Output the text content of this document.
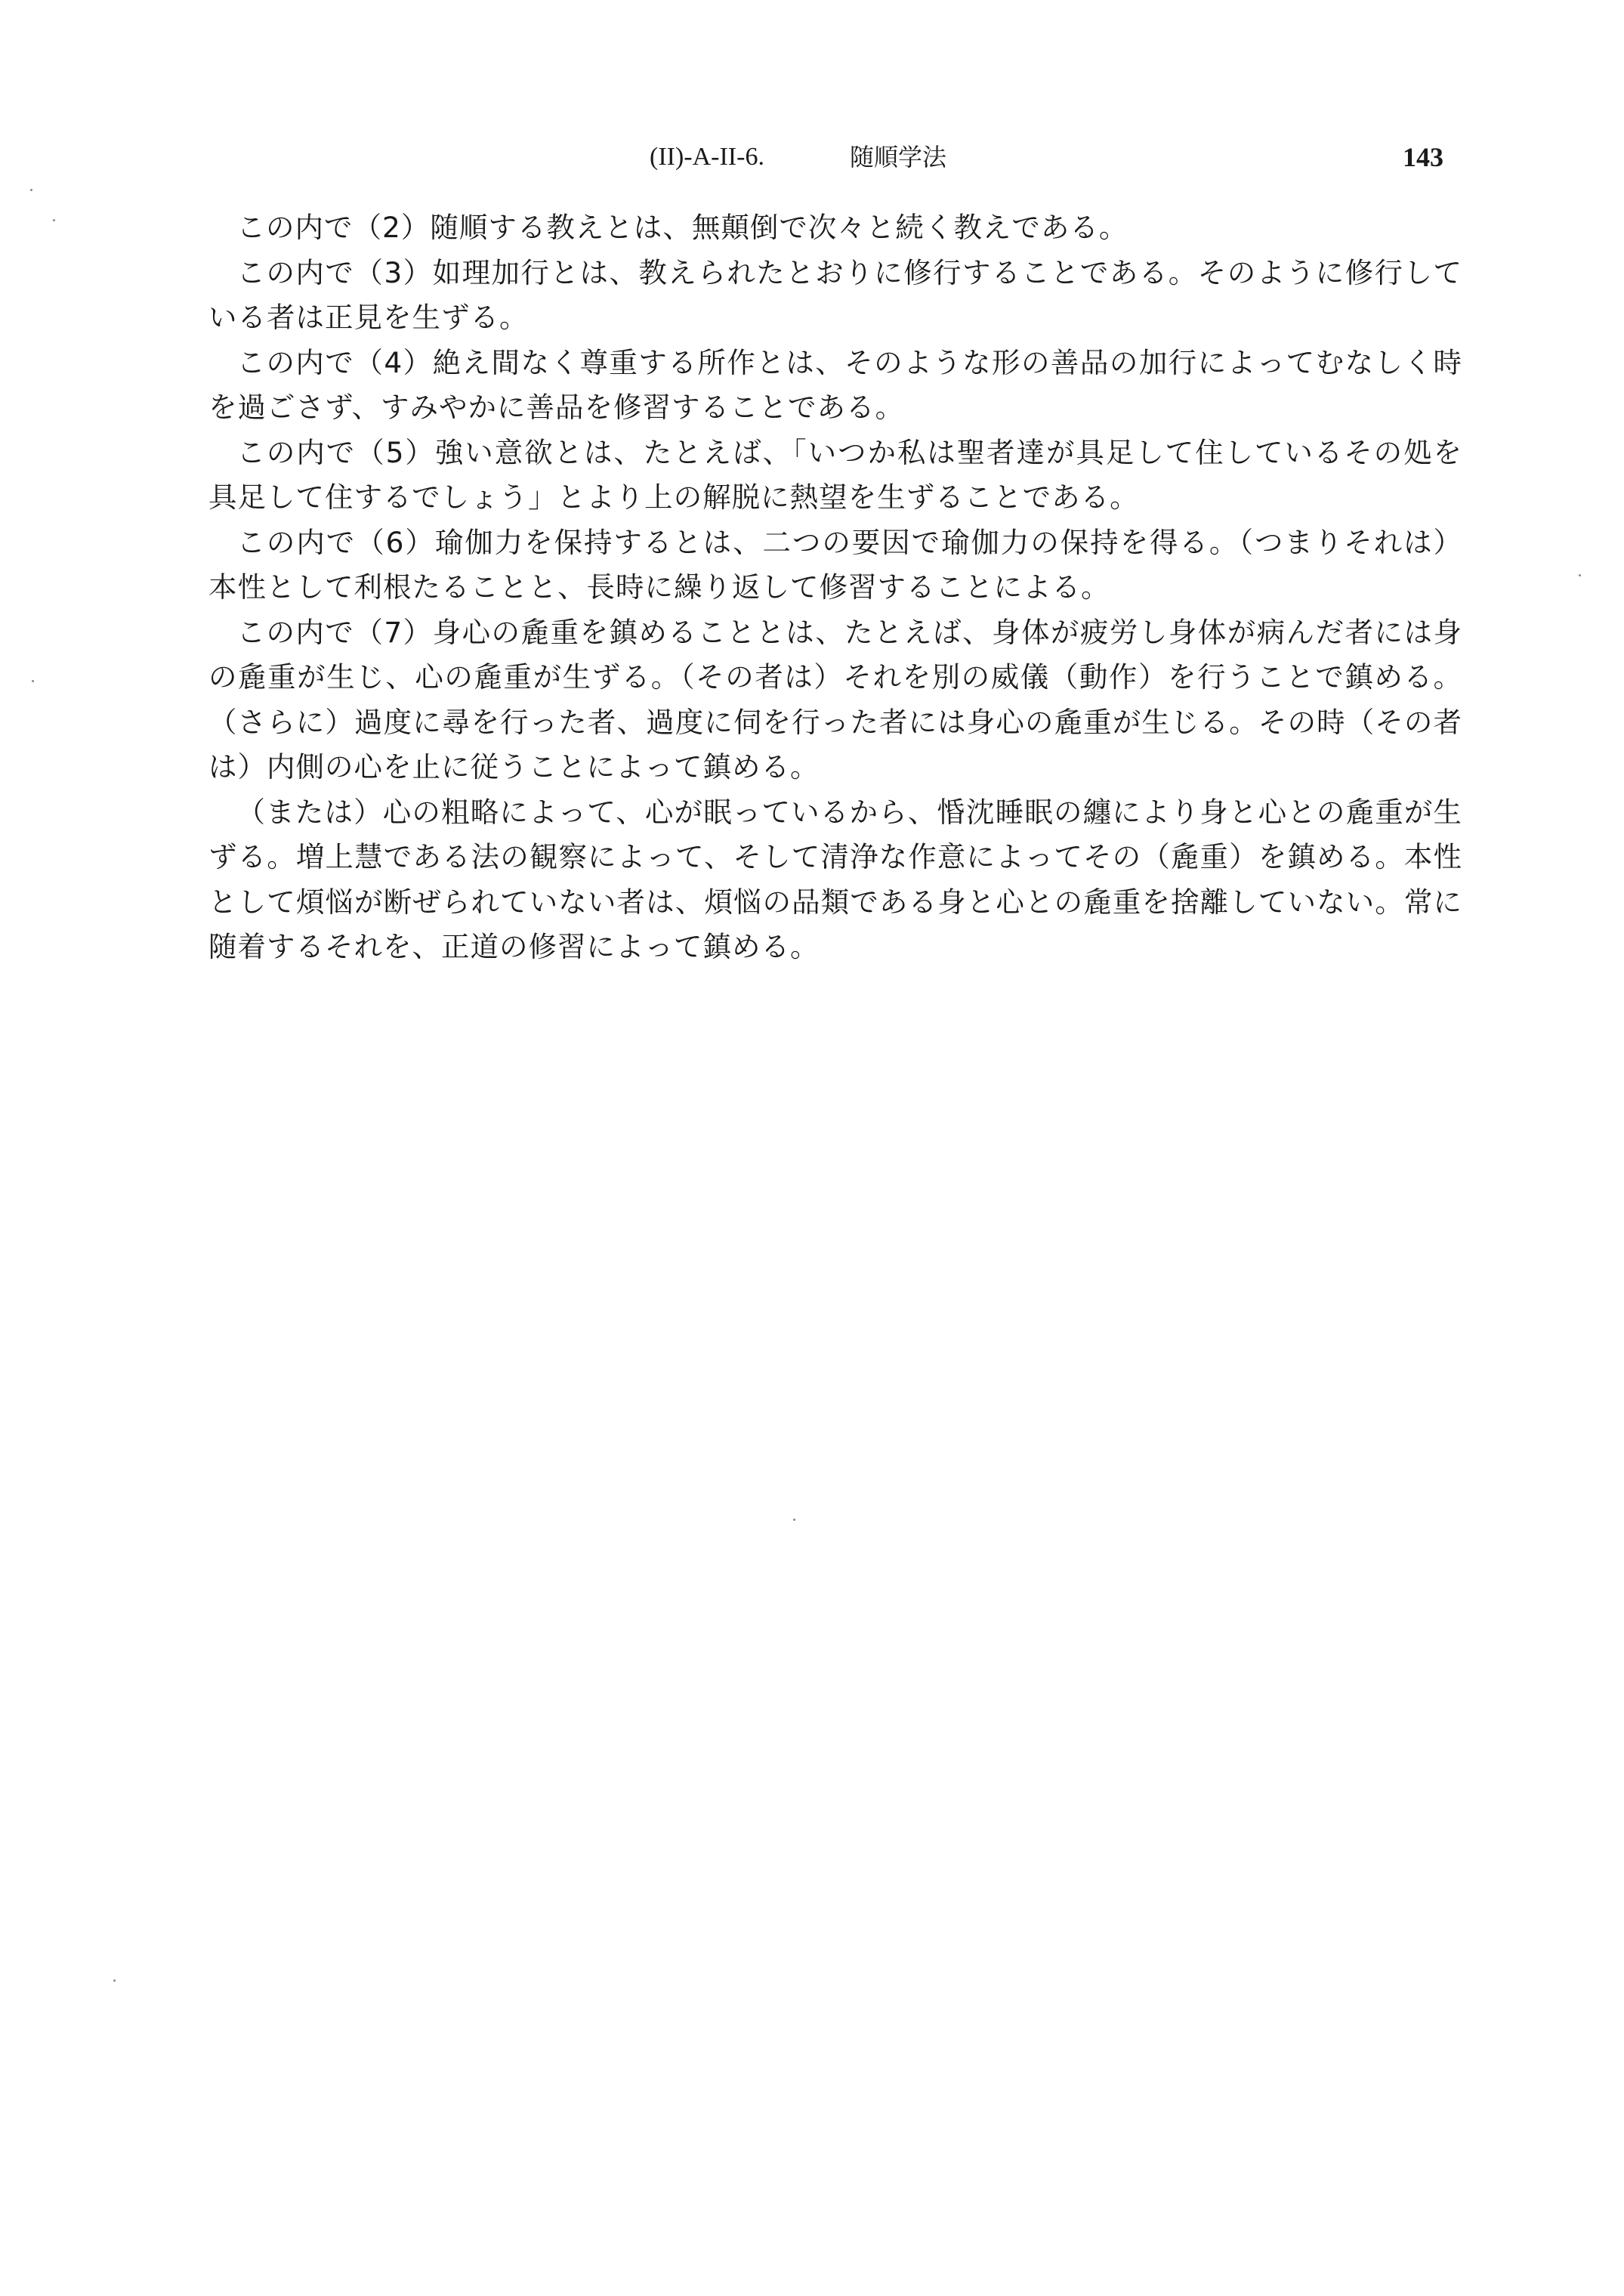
(II)-A-II-6.	随順学法	143

この内で（2）随順する教えとは、無顛倒で次々と続く教えである。

この内で（3）如理加行とは、教えられたとおりに修行することである。そのように修行している者は正見を生ずる。

この内で（4）絶え間なく尊重する所作とは、そのような形の善品の加行によってむなしく時を過ごさず、すみやかに善品を修習することである。

この内で（5）強い意欲とは、たとえば、「いつか私は聖者達が具足して住しているその処を具足して住するでしょう」とより上の解脱に熱望を生ずることである。

この内で（6）瑜伽力を保持するとは、二つの要因で瑜伽力の保持を得る。（つまりそれは）本性として利根たることと、長時に繰り返して修習することによる。

この内で（7）身心の麁重を鎮めることとは、たとえば、身体が疲労し身体が病んだ者には身の麁重が生じ、心の麁重が生ずる。（その者は）それを別の威儀（動作）を行うことで鎮める。（さらに）過度に尋を行った者、過度に伺を行った者には身心の麁重が生じる。その時（その者は）内側の心を止に従うことによって鎮める。

（または）心の粗略によって、心が眠っているから、惛沈睡眠の纏により身と心との麁重が生ずる。増上慧である法の観察によって、そして清浄な作意によってその（麁重）を鎮める。本性として煩悩が断ぜられていない者は、煩悩の品類である身と心との麁重を捨離していない。常に随着するそれを、正道の修習によって鎮める。
